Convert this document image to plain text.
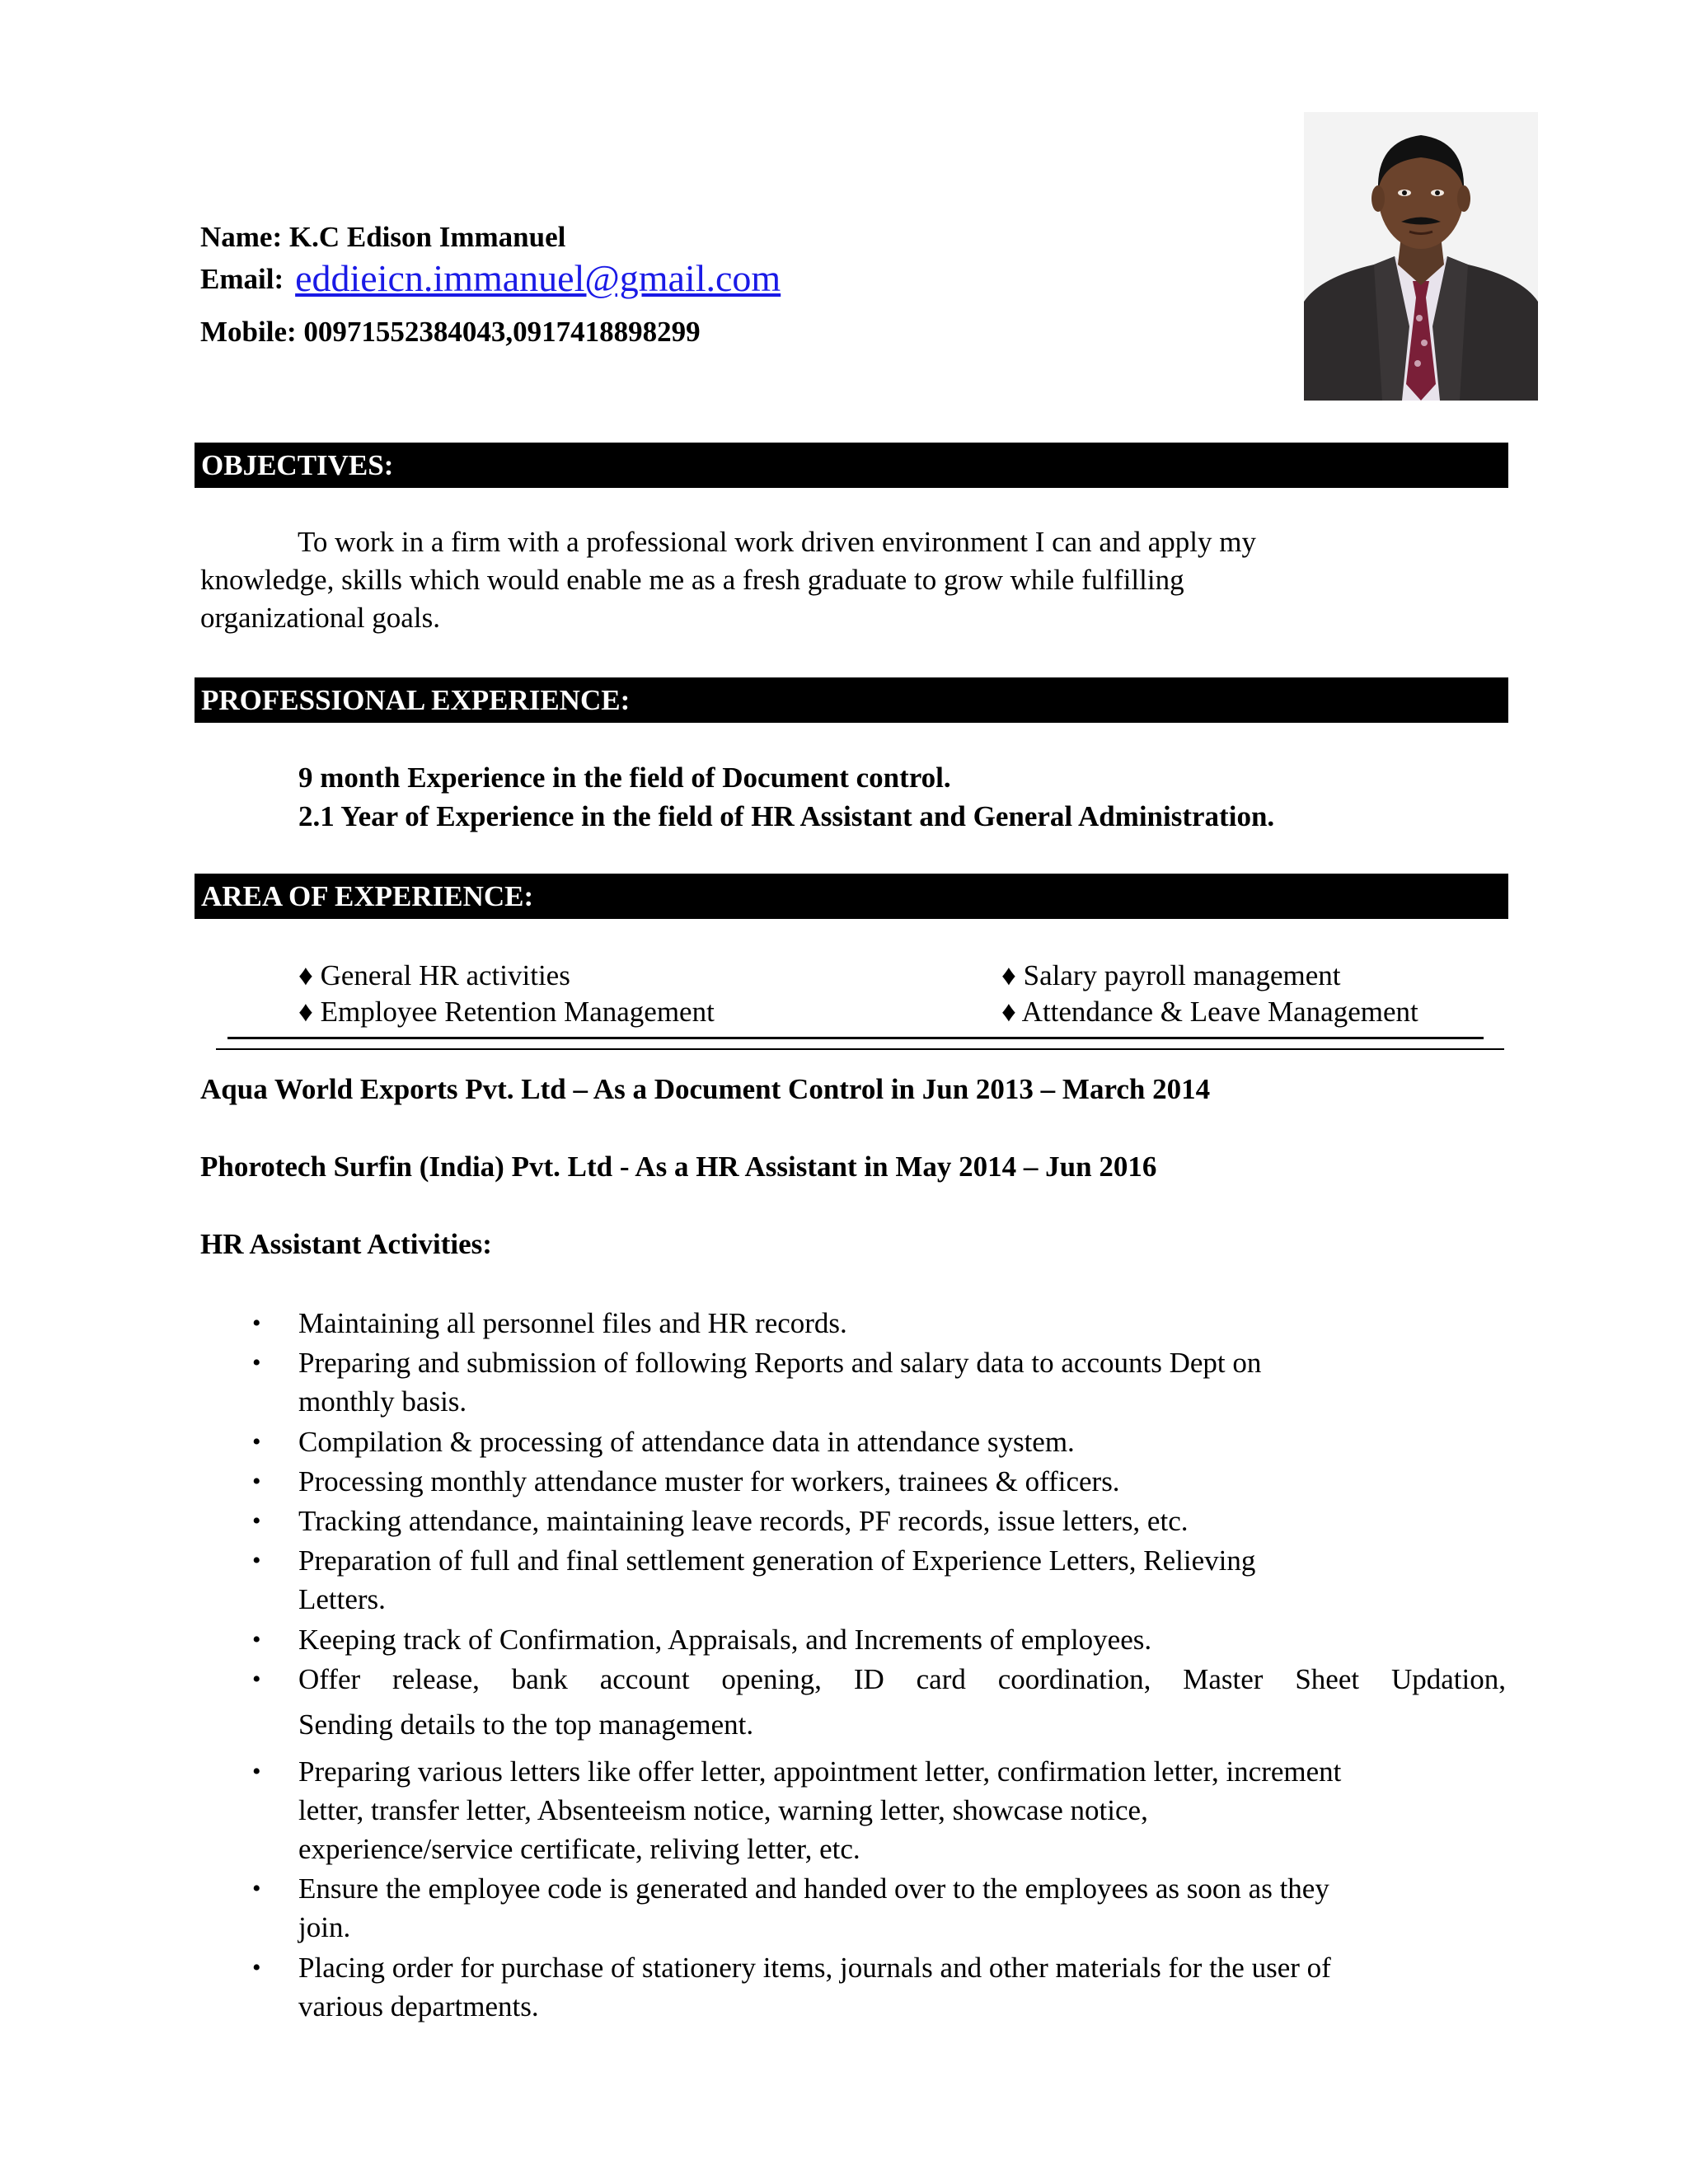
Name: K.C Edison Immanuel
Email: eddieicn.immanuel@gmail.com
Mobile: 00971552384043,0917418898299
OBJECTIVES:
To work in a firm with a professional work driven environment I can and apply my
knowledge, skills which would enable me as a fresh graduate to grow while fulfilling
organizational goals.
PROFESSIONAL EXPERIENCE:
9 month Experience in the field of Document control.
2.1 Year of Experience in the field of HR Assistant and General Administration.
AREA OF EXPERIENCE:
♦ General HR activities	♦ Salary payroll management
♦ Employee Retention Management	♦ Attendance & Leave Management
Aqua World Exports Pvt. Ltd – As a Document Control in Jun 2013 – March 2014
Phorotech Surfin (India) Pvt. Ltd - As a HR Assistant in May 2014 – Jun 2016
HR Assistant Activities:
• Maintaining all personnel files and HR records.
• Preparing and submission of following Reports and salary data to accounts Dept on
monthly basis.
• Compilation & processing of attendance data in attendance system.
• Processing monthly attendance muster for workers, trainees & officers.
• Tracking attendance, maintaining leave records, PF records, issue letters, etc.
• Preparation of full and final settlement generation of Experience Letters, Relieving
Letters.
• Keeping track of Confirmation, Appraisals, and Increments of employees.
• Offer release, bank account opening, ID card coordination, Master Sheet Updation,
Sending details to the top management.
• Preparing various letters like offer letter, appointment letter, confirmation letter, increment
letter, transfer letter, Absenteeism notice, warning letter, showcase notice,
experience/service certificate, reliving letter, etc.
• Ensure the employee code is generated and handed over to the employees as soon as they
join.
• Placing order for purchase of stationery items, journals and other materials for the user of
various departments.
